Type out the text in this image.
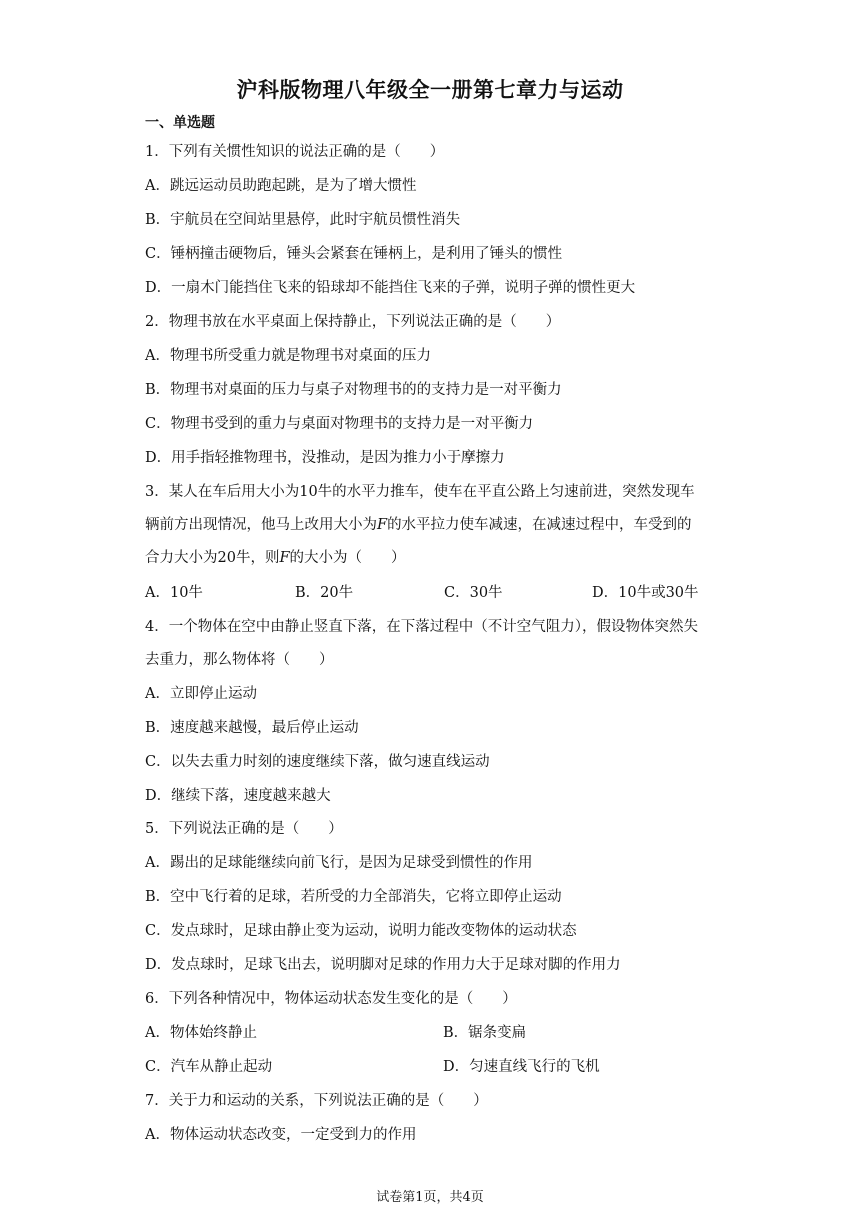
沪科版物理八年级全一册第七章力与运动
一、单选题
1．下列有关惯性知识的说法正确的是（　　）
A．跳远运动员助跑起跳，是为了增大惯性
B．宇航员在空间站里悬停，此时宇航员惯性消失
C．锤柄撞击硬物后，锤头会紧套在锤柄上，是利用了锤头的惯性
D．一扇木门能挡住飞来的铅球却不能挡住飞来的子弹，说明子弹的惯性更大
2．物理书放在水平桌面上保持静止，下列说法正确的是（　　）
A．物理书所受重力就是物理书对桌面的压力
B．物理书对桌面的压力与桌子对物理书的的支持力是一对平衡力
C．物理书受到的重力与桌面对物理书的支持力是一对平衡力
D．用手指轻推物理书，没推动，是因为推力小于摩擦力
3．某人在车后用大小为10牛的水平力推车，使车在平直公路上匀速前进，突然发现车
辆前方出现情况，他马上改用大小为F的水平拉力使车减速，在减速过程中，车受到的
合力大小为20牛，则F的大小为（　　）
A．10牛	B．20牛	C．30牛	D．10牛或30牛
4．一个物体在空中由静止竖直下落，在下落过程中（不计空气阻力），假设物体突然失
去重力，那么物体将（　　）
A．立即停止运动
B．速度越来越慢，最后停止运动
C．以失去重力时刻的速度继续下落，做匀速直线运动
D．继续下落，速度越来越大
5．下列说法正确的是（　　）
A．踢出的足球能继续向前飞行，是因为足球受到惯性的作用
B．空中飞行着的足球，若所受的力全部消失，它将立即停止运动
C．发点球时，足球由静止变为运动，说明力能改变物体的运动状态
D．发点球时，足球飞出去，说明脚对足球的作用力大于足球对脚的作用力
6．下列各种情况中，物体运动状态发生变化的是（　　）
A．物体始终静止	B．锯条变扁
C．汽车从静止起动	D．匀速直线飞行的飞机
7．关于力和运动的关系，下列说法正确的是（　　）
A．物体运动状态改变，一定受到力的作用
试卷第1页，共4页
